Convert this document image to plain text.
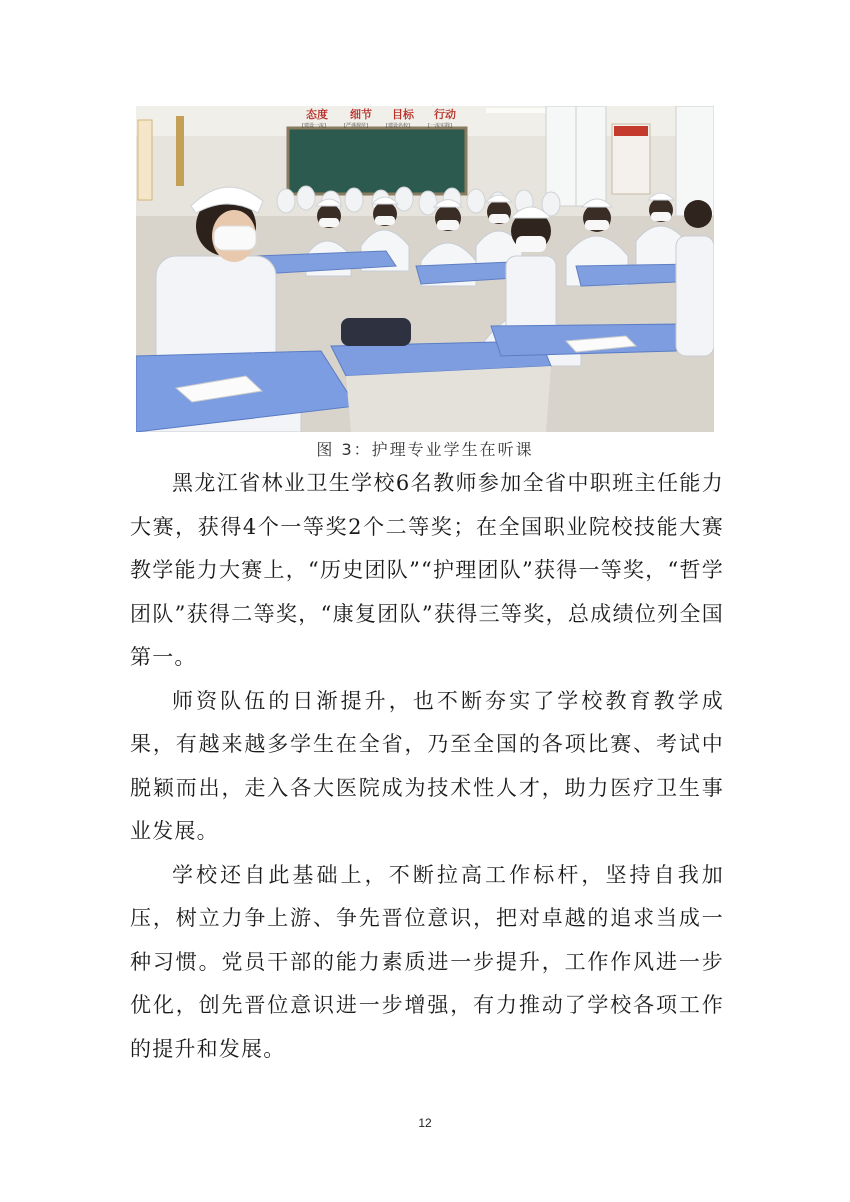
态度 细节 目标 行动
[建设一流]	[严谨规范]	[建设名校]	[一流实践]
图 3：护理专业学生在听课

黑龙江省林业卫生学校6名教师参加全省中职班主任能力大赛，获得4个一等奖2个二等奖；在全国职业院校技能大赛教学能力大赛上，“历史团队”“护理团队”获得一等奖，“哲学团队”获得二等奖，“康复团队”获得三等奖，总成绩位列全国第一。

师资队伍的日渐提升，也不断夯实了学校教育教学成果，有越来越多学生在全省，乃至全国的各项比赛、考试中脱颖而出，走入各大医院成为技术性人才，助力医疗卫生事业发展。

学校还自此基础上，不断拉高工作标杆，坚持自我加压，树立力争上游、争先晋位意识，把对卓越的追求当成一种习惯。党员干部的能力素质进一步提升，工作作风进一步优化，创先晋位意识进一步增强，有力推动了学校各项工作的提升和发展。

12
